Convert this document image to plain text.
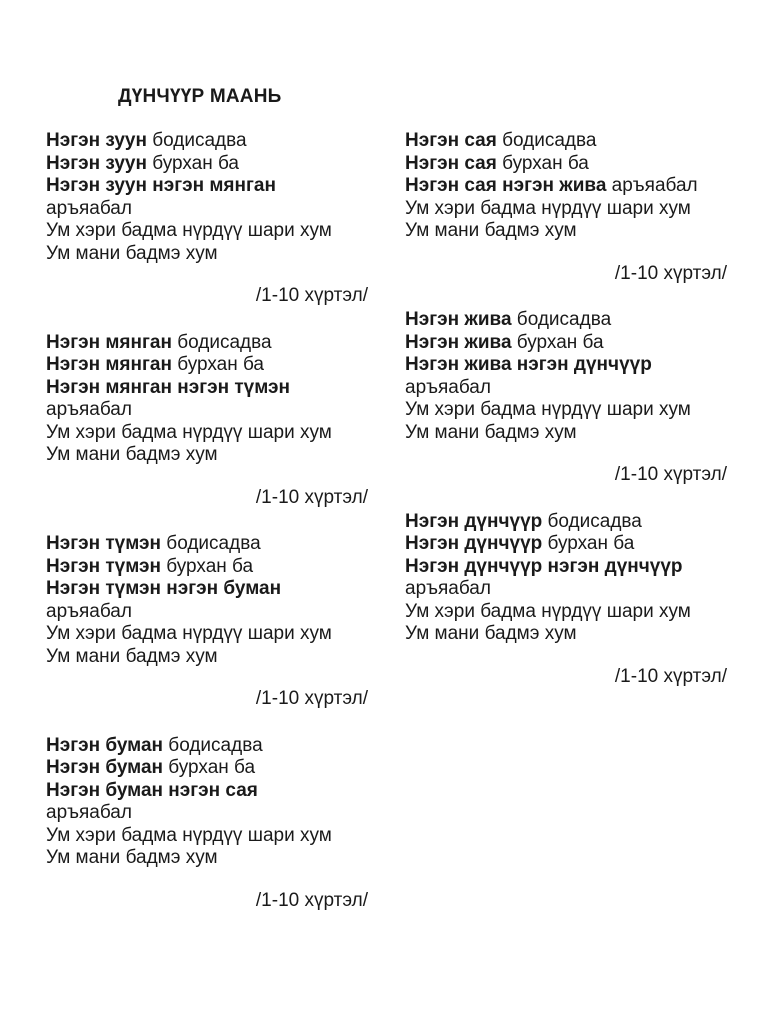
ДҮНЧҮҮР МААНЬ

Нэгэн зуун бодисадва

Нэгэн зуун бурхан ба

Нэгэн зуун нэгэн мянган

аръяабал

Ум хэри бадма нүрдүү шари хум

Ум мани бадмэ хум

/1-10 хүртэл/

Нэгэн мянган бодисадва

Нэгэн мянган бурхан ба

Нэгэн мянган нэгэн түмэн

аръяабал

Ум хэри бадма нүрдүү шари хум

Ум мани бадмэ хум

/1-10 хүртэл/

Нэгэн түмэн бодисадва

Нэгэн түмэн бурхан ба

Нэгэн түмэн нэгэн буман

аръяабал

Ум хэри бадма нүрдүү шари хум

Ум мани бадмэ хум

/1-10 хүртэл/

Нэгэн буман бодисадва

Нэгэн буман бурхан ба

Нэгэн буман нэгэн сая

аръяабал

Ум хэри бадма нүрдүү шари хум

Ум мани бадмэ хум

/1-10 хүртэл/

Нэгэн сая бодисадва

Нэгэн сая бурхан ба

Нэгэн сая нэгэн жива аръяабал

Ум хэри бадма нүрдүү шари хум

Ум мани бадмэ хум

/1-10 хүртэл/

Нэгэн жива бодисадва

Нэгэн жива бурхан ба

Нэгэн жива нэгэн дүнчүүр

аръяабал

Ум хэри бадма нүрдүү шари хум

Ум мани бадмэ хум

/1-10 хүртэл/

Нэгэн дүнчүүр бодисадва

Нэгэн дүнчүүр бурхан ба

Нэгэн дүнчүүр нэгэн дүнчүүр

аръяабал

Ум хэри бадма нүрдүү шари хум

Ум мани бадмэ хум

/1-10 хүртэл/
